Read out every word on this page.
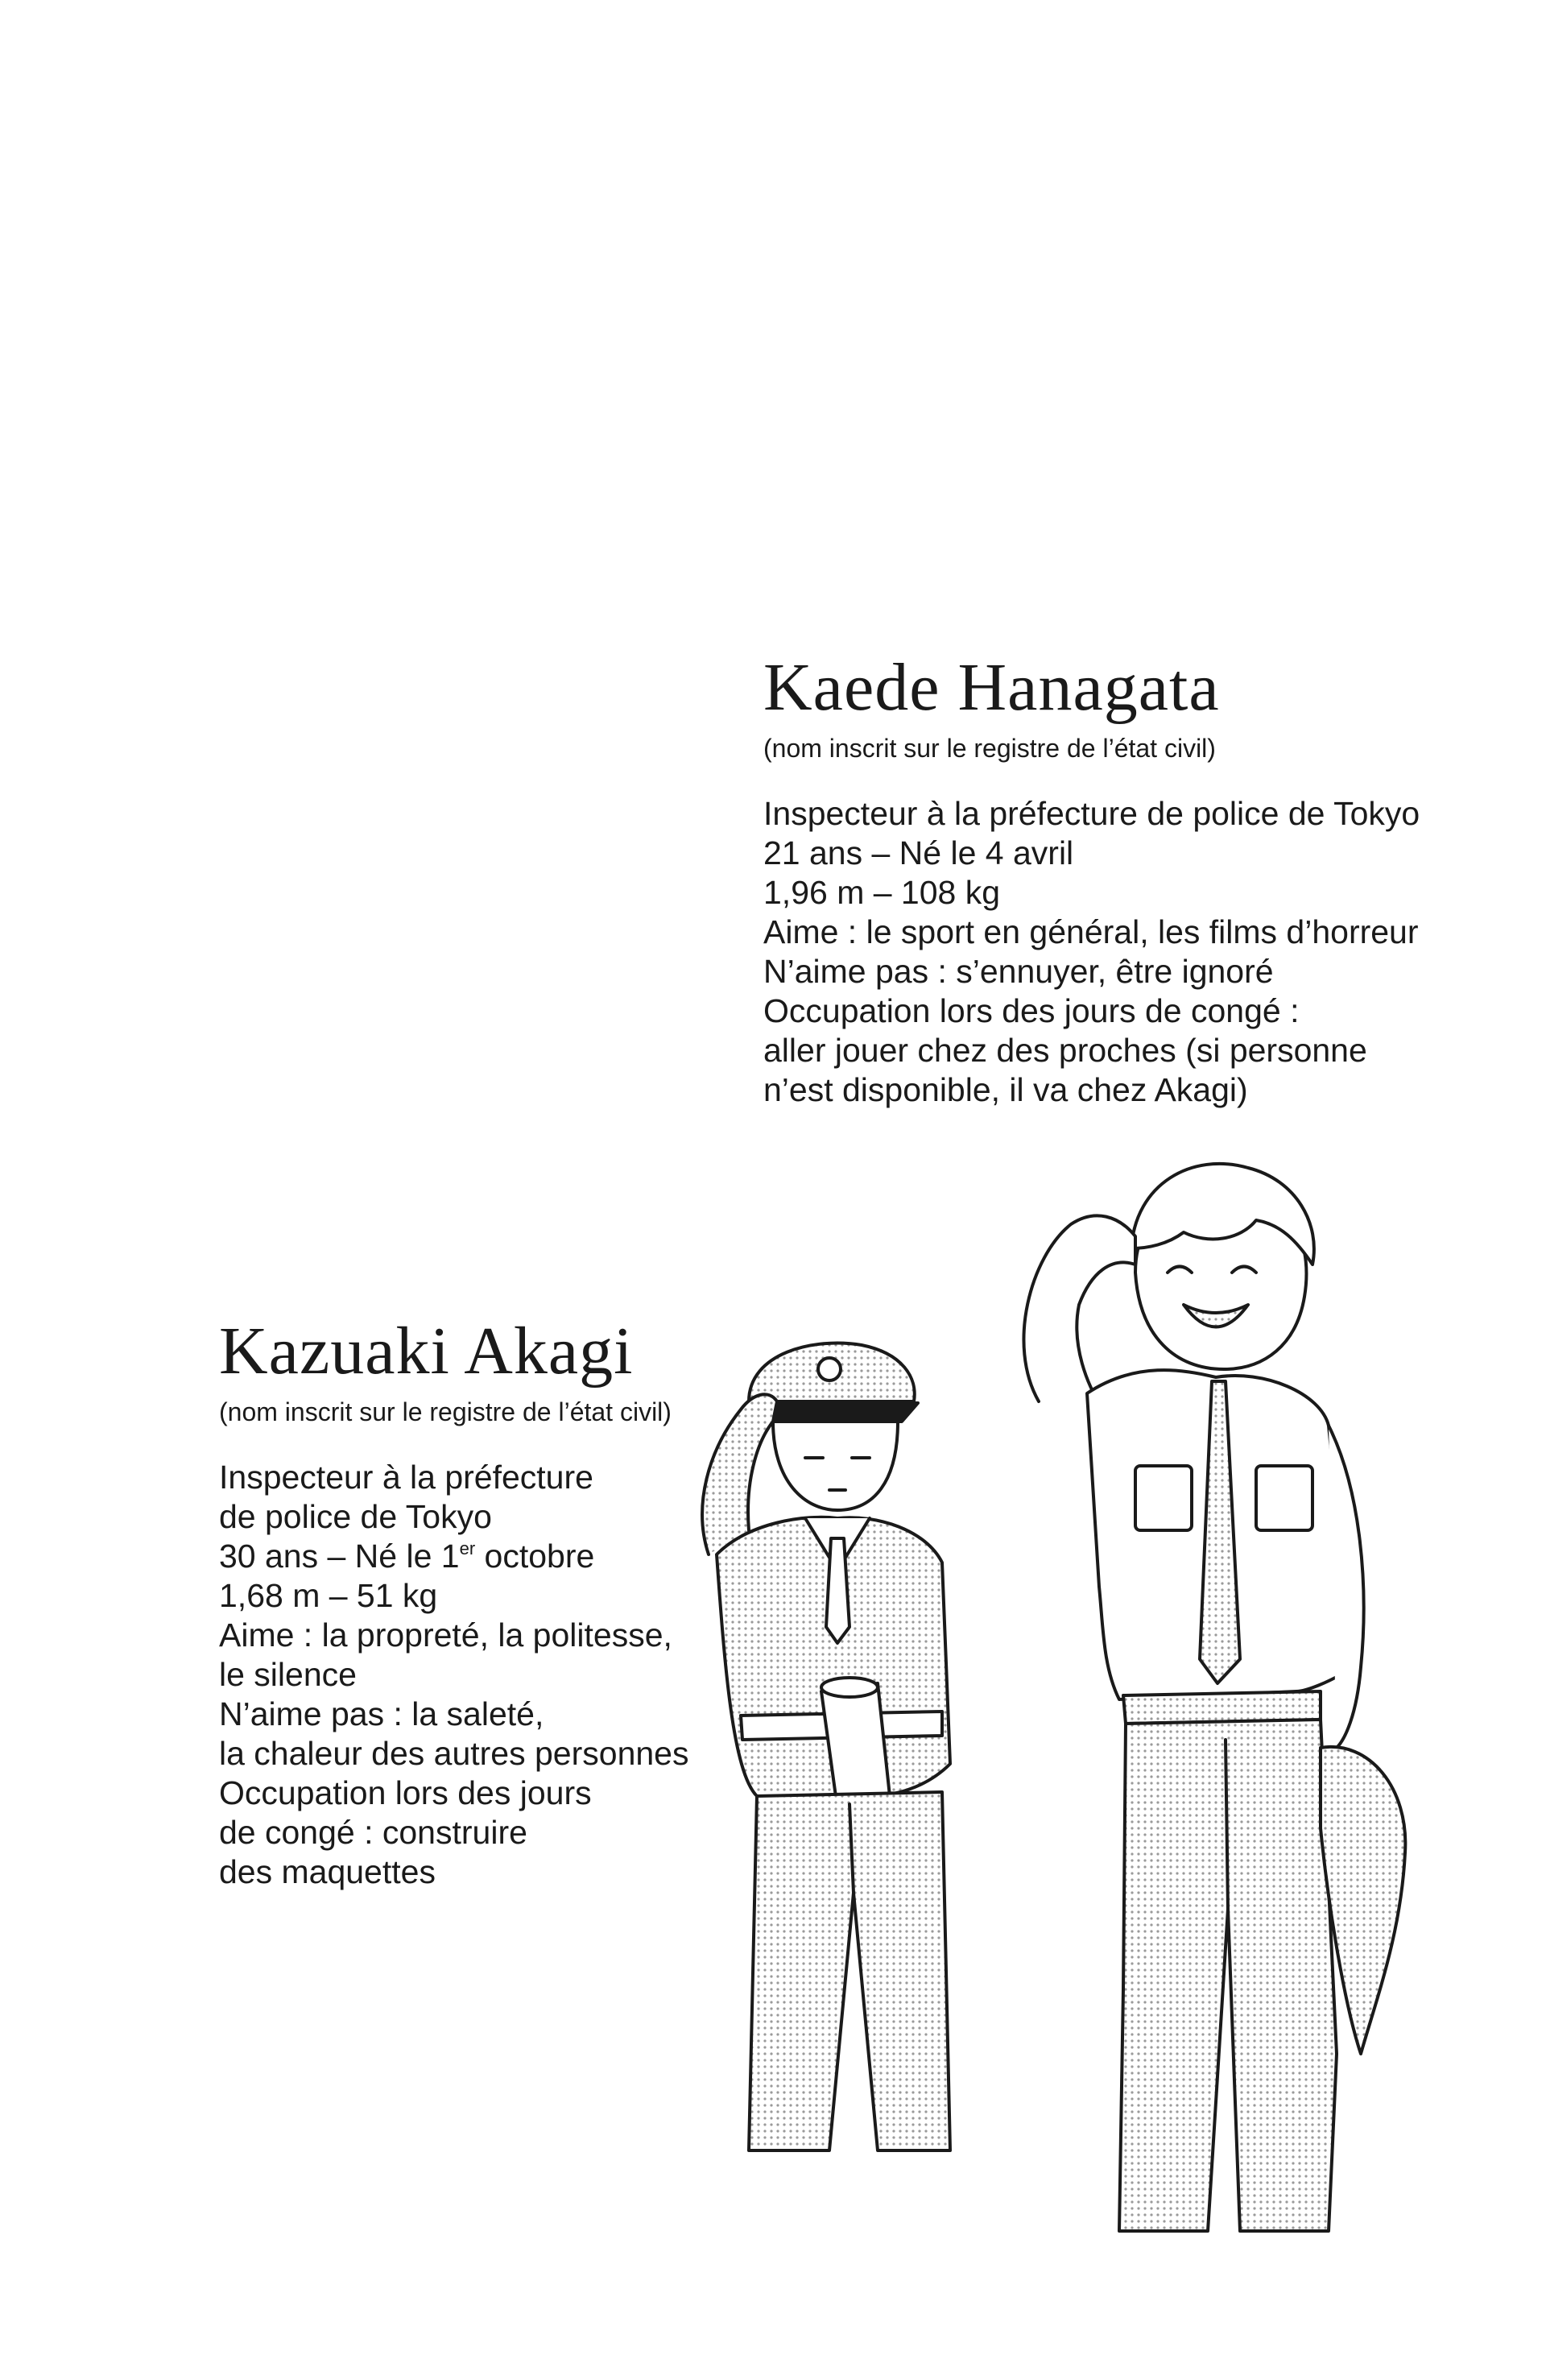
Kaede Hanagata
(nom inscrit sur le registre de l’état civil)
Inspecteur à la préfecture de police de Tokyo
21 ans – Né le 4 avril
1,96 m – 108 kg
Aime : le sport en général, les films d’horreur
N’aime pas : s’ennuyer, être ignoré
Occupation lors des jours de congé :
aller jouer chez des proches (si personne
n’est disponible, il va chez Akagi)
Kazuaki Akagi
(nom inscrit sur le registre de l’état civil)
Inspecteur à la préfecture
de police de Tokyo
30 ans – Né le 1er octobre
1,68 m – 51 kg
Aime : la propreté, la politesse,
le silence
N’aime pas : la saleté,
la chaleur des autres personnes
Occupation lors des jours
de congé : construire
des maquettes
